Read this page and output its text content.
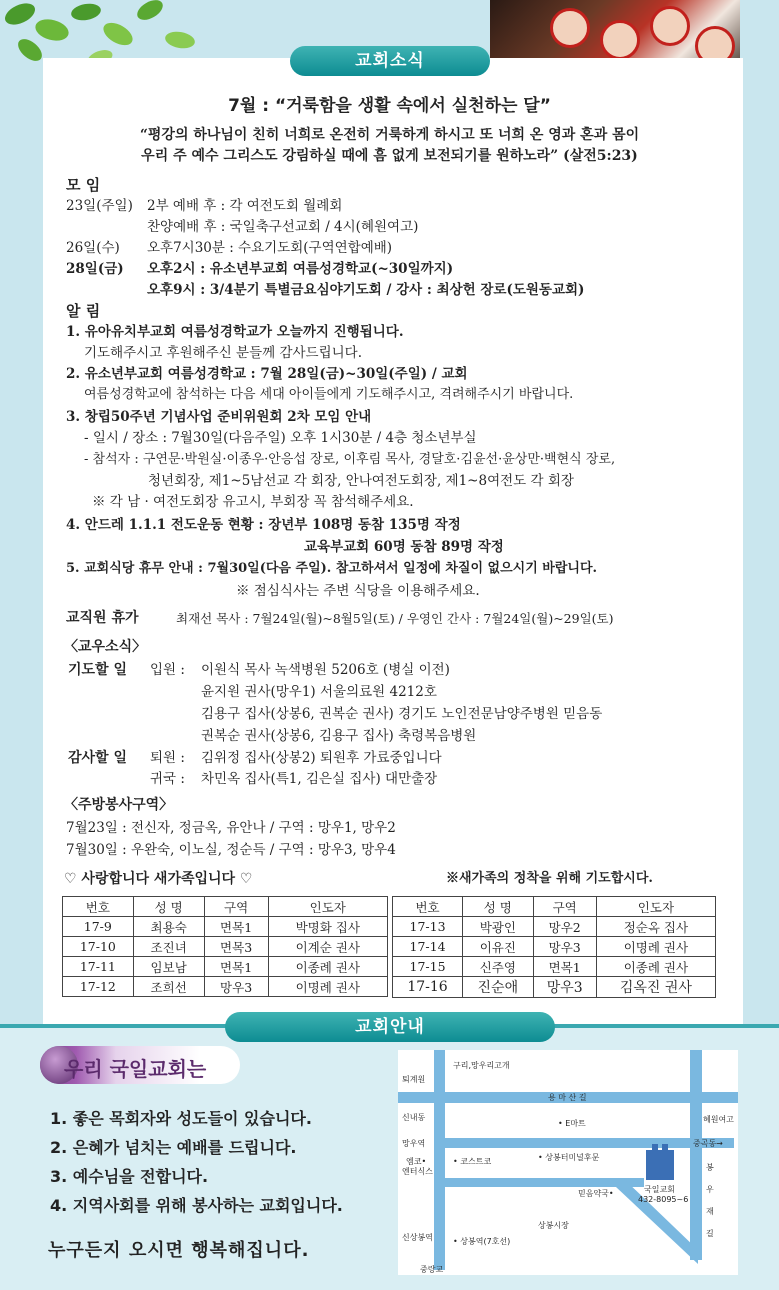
교회소식
7월 : “거룩함을 생활 속에서 실천하는 달”
“평강의 하나님이 친히 너희로 온전히 거룩하게 하시고 또 너희 온 영과 혼과 몸이
우리 주 예수 그리스도 강림하실 때에 흠 없게 보전되기를 원하노라” (살전5:23)
모 임
23일(주일) 2부 예배 후 : 각 여전도회 월례회
찬양예배 후 : 국일축구선교회 / 4시(혜원여고)
26일(수) 오후7시30분 : 수요기도회(구역연합예배)
28일(금) 오후2시 : 유소년부교회 여름성경학교(~30일까지)
오후9시 : 3/4분기 특별금요심야기도회 / 강사 : 최상헌 장로(도원동교회)
알 림
1. 유아유치부교회 여름성경학교가 오늘까지 진행됩니다.
기도해주시고 후원해주신 분들께 감사드립니다.
2. 유소년부교회 여름성경학교 : 7월 28일(금)~30일(주일) / 교회
여름성경학교에 참석하는 다음 세대 아이들에게 기도해주시고, 격려해주시기 바랍니다.
3. 창립50주년 기념사업 준비위원회 2차 모임 안내
- 일시 / 장소 : 7월30일(다음주일) 오후 1시30분 / 4층 청소년부실
- 참석자 : 구연문·박원실·이종우·안응섭 장로, 이후림 목사, 경달호·김윤선·윤상만·백현식 장로,
청년회장, 제1~5남선교 각 회장, 안나여전도회장, 제1~8여전도 각 회장
※ 각 남 · 여전도회장 유고시, 부회장 꼭 참석해주세요.
4. 안드레 1.1.1 전도운동 현황 : 장년부 108명 동참 135명 작정
교육부교회 60명 동참 89명 작정
5. 교회식당 휴무 안내 : 7월30일(다음 주일). 참고하셔서 일정에 차질이 없으시기 바랍니다.
※ 점심식사는 주변 식당을 이용해주세요.
교직원 휴가	최재선 목사 : 7월24일(월)~8월5일(토) / 우영인 간사 : 7월24일(월)~29일(토)
〈교우소식〉
기도할 일 입원 : 이원식 목사 녹색병원 5206호 (병실 이전)
윤지원 권사(망우1) 서울의료원 4212호
김용구 집사(상봉6, 권복순 권사) 경기도 노인전문남양주병원 믿음동
권복순 권사(상봉6, 김용구 집사) 축령복음병원
감사할 일 퇴원 : 김위정 집사(상봉2) 퇴원후 가료중입니다
귀국 : 차민옥 집사(특1, 김은실 집사) 대만출장
〈주방봉사구역〉
7월23일 : 전신자, 정금옥, 유안나 / 구역 : 망우1, 망우2
7월30일 : 우완숙, 이노실, 정순득 / 구역 : 망우3, 망우4
♡ 사랑합니다 새가족입니다 ♡	※새가족의 정착을 위해 기도합시다.
번호	성 명	구역	인도자
17-9	최용숙	면목1	박명화 집사
17-10	조진녀	면목3	이계순 권사
17-11	임보남	면목1	이종례 권사
17-12	조희선	망우3	이명례 권사
번호	성 명	구역	인도자
17-13	박광인	망우2	정순옥 집사
17-14	이유진	망우3	이명례 권사
17-15	신주영	면목1	이종례 권사
17-16	진순애	망우3	김옥진 권사
교회안내
우리 국일교회는
1. 좋은 목회자와 성도들이 있습니다.
2. 은혜가 넘치는 예배를 드립니다.
3. 예수님을 전합니다.
4. 지역사회를 위해 봉사하는 교회입니다.
누구든지 오시면 행복해집니다.
구리,망우리고개
퇴계원
용 마 산 길
신내동
• E마트	혜원여고
망우역	중곡동→
엠코•
엔터식스
• 코스트코	• 상봉터미널후문
국일교회
432-8095~6
믿음약국•
봉
우
재
길
상봉시장
신상봉역	• 상봉역(7호선)
중랑교
